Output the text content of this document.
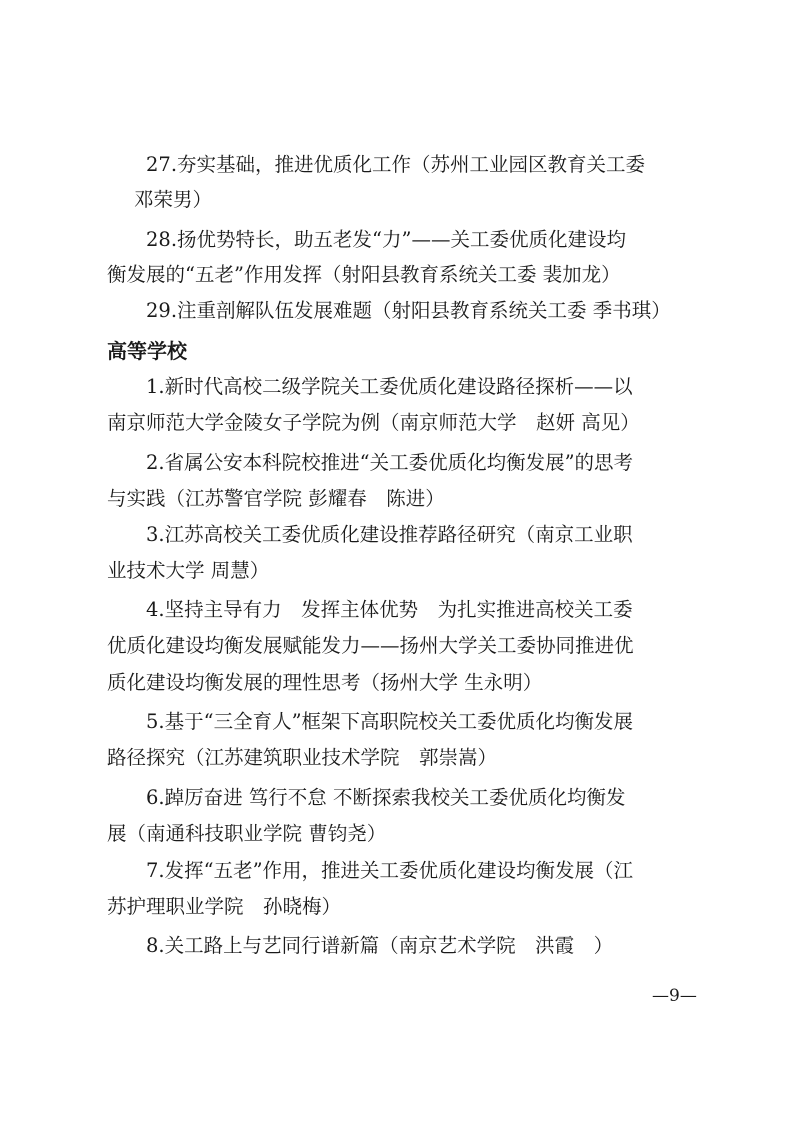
27.夯实基础，推进优质化工作（苏州工业园区教育关工委
邓荣男）
28.扬优势特长，助五老发“力”——关工委优质化建设均
衡发展的“五老”作用发挥（射阳县教育系统关工委 裴加龙）
29.注重剖解队伍发展难题（射阳县教育系统关工委 季书琪）
高等学校
1.新时代高校二级学院关工委优质化建设路径探析——以
南京师范大学金陵女子学院为例（南京师范大学　赵妍 高见）
2.省属公安本科院校推进“关工委优质化均衡发展”的思考
与实践（江苏警官学院 彭耀春　陈进）
3.江苏高校关工委优质化建设推荐路径研究（南京工业职
业技术大学 周慧）
4.坚持主导有力　发挥主体优势　为扎实推进高校关工委
优质化建设均衡发展赋能发力——扬州大学关工委协同推进优
质化建设均衡发展的理性思考（扬州大学 生永明）
5.基于“三全育人”框架下高职院校关工委优质化均衡发展
路径探究（江苏建筑职业技术学院　郭崇嵩）
6.踔厉奋进 笃行不怠 不断探索我校关工委优质化均衡发
展（南通科技职业学院 曹钧尧）
7.发挥“五老”作用，推进关工委优质化建设均衡发展（江
苏护理职业学院　孙晓梅）
8.关工路上与艺同行谱新篇（南京艺术学院　洪霞　）
—9—
